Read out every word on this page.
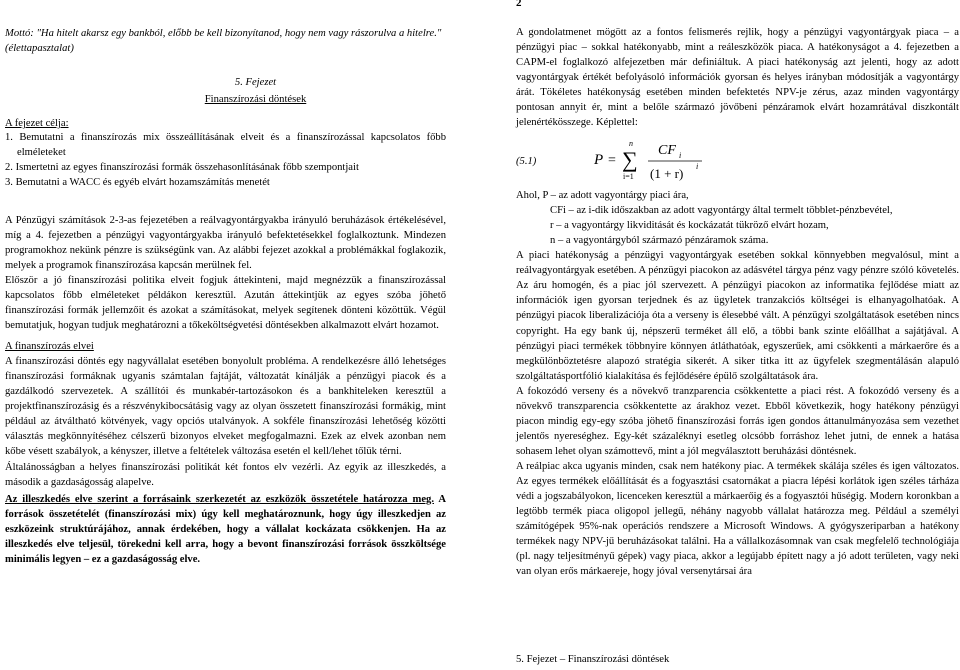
Mottó: "Ha hitelt akarsz egy bankból, előbb be kell bizonyítanod, hogy nem vagy rászorulva a hitelre." (élettapasztalat)
5. Fejezet
Finanszírozási döntések
A fejezet célja:

1. Bemutatni a finanszírozás mix összeállításának elveit és a finanszírozással kapcsolatos főbb elméleteket

2. Ismertetni az egyes finanszírozási formák összehasonlításának főbb szempontjait

3. Bemutatni a WACC és egyéb elvárt hozamszámítás menetét

A Pénzügyi számítások 2-3-as fejezetében a reálvagyontárgyakba irányuló beruházások értékelésével, míg a 4. fejezetben a pénzügyi vagyontárgyakba irányuló befektetésekkel foglalkoztunk. Mindezen programokhoz nekünk pénzre is szükségünk van. Az alábbi fejezet azokkal a problémákkal foglakozik, melyek a programok finanszírozása kapcsán merülnek fel.

Először a jó finanszírozási politika elveit fogjuk áttekinteni, majd megnézzük a finanszírozással kapcsolatos főbb elméleteket példákon keresztül. Azután áttekintjük az egyes szóba jöhető finanszírozási formák jellemzőit és azokat a számításokat, melyek segítenek dönteni közöttük. Végül bemutatjuk, hogyan tudjuk meghatározni a tőkeköltségvetési döntésekben alkalmazott elvárt hozamot.

A finanszírozás elvei

A finanszírozási döntés egy nagyvállalat esetében bonyolult probléma. A rendelkezésre álló lehetséges finanszírozási formáknak ugyanis számtalan fajtáját, változatát kínálják a pénzügyi piacok és a gazdálkodó szervezetek. A szállítói és munkabér-tartozásokon és a bankhiteleken keresztül a projektfinanszírozásig és a részvénykibocsátásig vagy az olyan összetett finanszírozási formákig, mint például az átváltható kötvények, vagy opciós utalványok. A sokféle finanszírozási lehetőség közötti választás megkönnyítéséhez célszerű bizonyos elveket megfogalmazni. Ezek az elvek azonban nem kőbe vésett szabályok, a kényszer, illetve a feltételek változása esetén el kell/lehet tőlük térni.

Általánosságban a helyes finanszírozási politikát két fontos elv vezérli. Az egyik az illeszkedés, a második a gazdaságosság alapelve.

Az illeszkedés elve szerint a forrásaink szerkezetét az eszközök összetétele határozza meg. A források összetételét (finanszírozási mix) úgy kell meghatároznunk, hogy úgy illeszkedjen az eszközeink struktúrájához, annak érdekében, hogy a vállalat kockázata csökkenjen. Ha az illeszkedés elve teljesül, törekedni kell arra, hogy a bevont finanszírozási források összköltsége minimális legyen – ez a gazdaságosság elve.

2

A gondolatmenet mögött az a fontos felismerés rejlik, hogy a pénzügyi vagyontárgyak piaca – a pénzügyi piac – sokkal hatékonyabb, mint a reáleszközök piaca. A hatékonyságot a 4. fejezetben a CAPM-el foglalkozó alfejezetben már definiáltuk. A piaci hatékonyság azt jelenti, hogy az adott vagyontárgyak értékét befolyásoló információk gyorsan és helyes irányban módosítják a vagyontárgy árát. Tökéletes hatékonyság esetében minden befektetés NPV-je zérus, azaz minden vagyontárgy pontosan annyit ér, mint a belőle származó jövőbeni pénzáramok elvárt hozamrátával diszkontált jelenértékösszege. Képlettel:

(5.1)	P =
n
∑
i=1
CF i
(1 + r) i

Ahol, P – az adott vagyontárgy piaci ára,

CFi – az i-dik időszakban az adott vagyontárgy által termelt többlet-pénzbevétel,

r – a vagyontárgy likviditását és kockázatát tükröző elvárt hozam,

n – a vagyontárgyból származó pénzáramok száma.

A piaci hatékonyság a pénzügyi vagyontárgyak esetében sokkal könnyebben megvalósul, mint a reálvagyontárgyak esetében. A pénzügyi piacokon az adásvétel tárgya pénz vagy pénzre szóló követelés. Az áru homogén, és a piac jól szervezett. A pénzügyi piacokon az informatika fejlődése miatt az információk igen gyorsan terjednek és az ügyletek tranzakciós költségei is elhanyagolhatóak. A pénzügyi piacok liberalizációja óta a verseny is élesebbé vált. A pénzügyi szolgáltatások esetében nincs copyright. Ha egy bank új, népszerű terméket áll elő, a többi bank szinte előállhat a sajátjával. A pénzügyi piaci termékek többnyire könnyen átláthatóak, egyszerűek, ami csökkenti a márkaerőre és a megkülönböztetésre alapozó stratégia sikerét. A siker titka itt az ügyfelek szegmentálásán alapuló szolgáltatásportfólió kialakítása és fejlődésére épülő szolgáltatások ára.

A fokozódó verseny és a növekvő tranzparencia csökkentette a piaci rést. A fokozódó verseny és a növekvő transzparencia csökkentette az árakhoz vezet. Ebből következik, hogy hatékony pénzügyi piacon mindig egy-egy szóba jöhető finanszírozási forrás igen gondos áttanulmányozása sem vezethet jelentős nyereséghez. Egy-két százaléknyi esetleg olcsóbb forráshoz lehet jutni, de ennek a hatása sohasem lehet olyan számottevő, mint a jól megválasztott beruházási döntésnek.

A reálpiac akca ugyanis minden, csak nem hatékony piac. A termékek skálája széles és igen változatos. Az egyes termékek előállítását és a fogyasztási csatornákat a piacra lépési korlátok igen széles tárháza védi a jogszabályokon, licenceken keresztül a márkaerőig és a fogyasztói hűségig. Modern koronkban a legtöbb termék piaca oligopol jellegű, néhány nagyobb vállalat határozza meg. Például a személyi számítógépek 95%-nak operációs rendszere a Microsoft Windows. A gyógyszeriparban a hatékony termékek nagy NPV-jű beruházásokat találni. Ha a vállalkozásomnak van csak megfelelő technológiája (pl. nagy teljesítményű gépek) vagy piaca, akkor a legújabb épített nagy a jó adott területen, vagy neki van olyan erős márkaereje, hogy jóval versenytársai ára

5. Fejezet – Finanszírozási döntések
